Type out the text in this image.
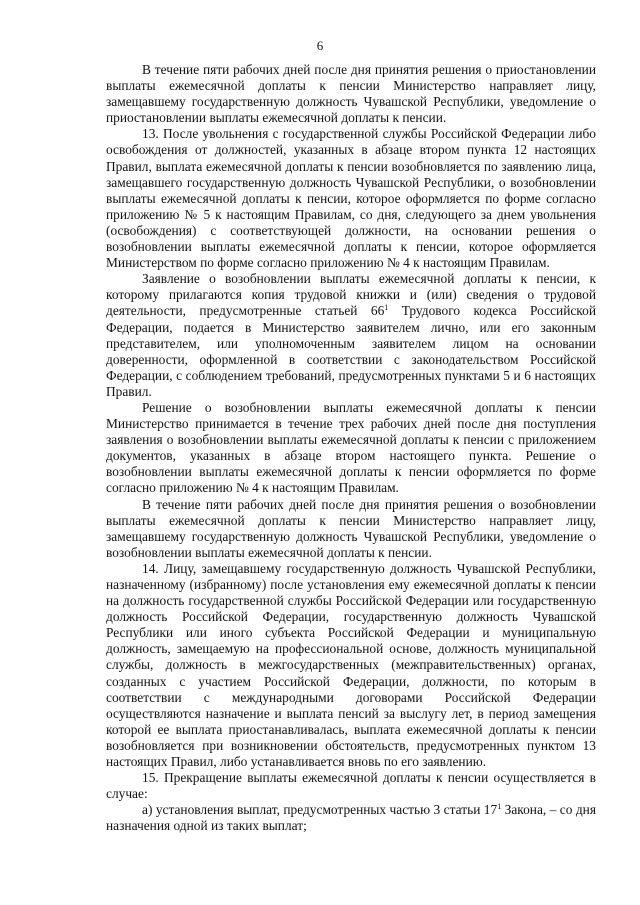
6

В течение пяти рабочих дней после дня принятия решения о приостановлении выплаты ежемесячной доплаты к пенсии Министерство направляет лицу, замещавшему государственную должность Чувашской Республики, уведомление о приостановлении выплаты ежемесячной доплаты к пенсии.

13. После увольнения с государственной службы Российской Федерации либо освобождения от должностей, указанных в абзаце втором пункта 12 настоящих Правил, выплата ежемесячной доплаты к пенсии возобновляется по заявлению лица, замещавшего государственную должность Чувашской Республики, о возобновлении выплаты ежемесячной доплаты к пенсии, которое оформляется по форме согласно приложению № 5 к настоящим Правилам, со дня, следующего за днем увольнения (освобождения) с соответствующей должности, на основании решения о возобновлении выплаты ежемесячной доплаты к пенсии, которое оформляется Министерством по форме согласно приложению № 4 к настоящим Правилам.

Заявление о возобновлении выплаты ежемесячной доплаты к пенсии, к которому прилагаются копия трудовой книжки и (или) сведения о трудовой деятельности, предусмотренные статьей $66^1$ Трудового кодекса Российской Федерации, подается в Министерство заявителем лично, или его законным представителем, или уполномоченным заявителем лицом на основании доверенности, оформленной в соответствии с законодательством Российской Федерации, с соблюдением требований, предусмотренных пунктами 5 и 6 настоящих Правил.

Решение о возобновлении выплаты ежемесячной доплаты к пенсии Министерство принимается в течение трех рабочих дней после дня поступления заявления о возобновлении выплаты ежемесячной доплаты к пенсии с приложением документов, указанных в абзаце втором настоящего пункта. Решение о возобновлении выплаты ежемесячной доплаты к пенсии оформляется по форме согласно приложению № 4 к настоящим Правилам.

В течение пяти рабочих дней после дня принятия решения о возобновлении выплаты ежемесячной доплаты к пенсии Министерство направляет лицу, замещавшему государственную должность Чувашской Республики, уведомление о возобновлении выплаты ежемесячной доплаты к пенсии.

14. Лицу, замещавшему государственную должность Чувашской Республики, назначенному (избранному) после установления ему ежемесячной доплаты к пенсии на должность государственной службы Российской Федерации или государственную должность Российской Федерации, государственную должность Чувашской Республики или иного субъекта Российской Федерации и муниципальную должность, замещаемую на профессиональной основе, должность муниципальной службы, должность в межгосударственных (межправительственных) органах, созданных с участием Российской Федерации, должности, по которым в соответствии с международными договорами Российской Федерации осуществляются назначение и выплата пенсий за выслугу лет, в период замещения которой ее выплата приостанавливалась, выплата ежемесячной доплаты к пенсии возобновляется при возникновении обстоятельств, предусмотренных пунктом 13 настоящих Правил, либо устанавливается вновь по его заявлению.

15. Прекращение выплаты ежемесячной доплаты к пенсии осуществляется в случае:

а) установления выплат, предусмотренных частью 3 статьи $17^1$ Закона, – со дня назначения одной из таких выплат;
